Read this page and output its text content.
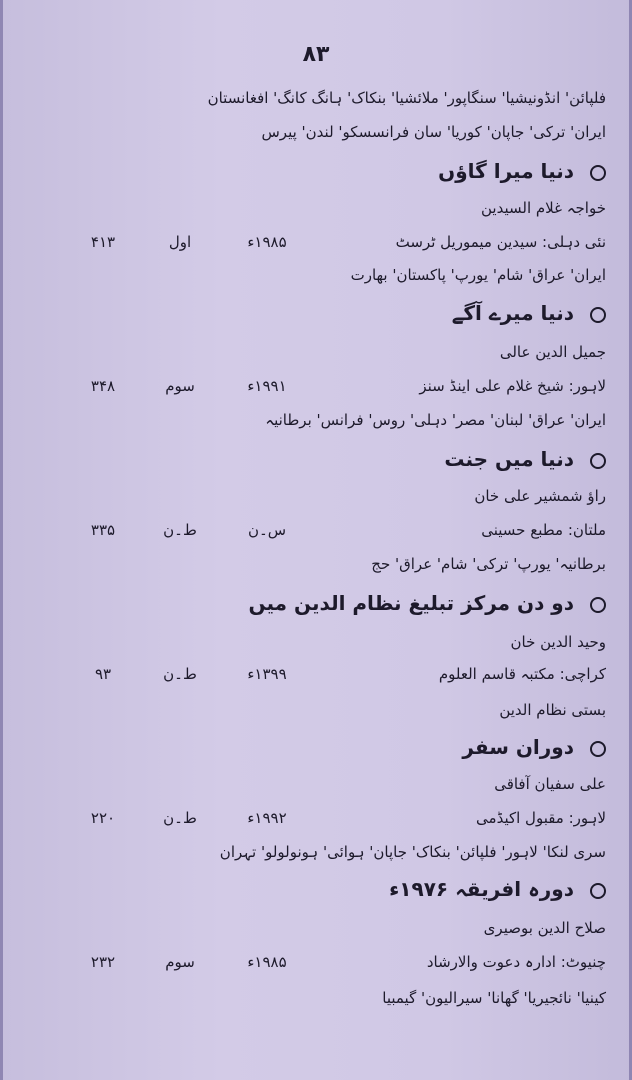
۸۳
فلپائن' انڈونیشیا' سنگاپور' ملائشیا' بنکاک' ہانگ کانگ' افغانستان
ایران' ترکی' جاپان' کوریا' سان فرانسسکو' لندن' پیرس
دنیا میرا گاؤں
خواجہ غلام السیدین
نئی دہلی: سیدین میموریل ٹرسٹ
۱۹۸۵ء
اول
۴۱۳
ایران' عراق' شام' یورپ' پاکستان' بھارت
دنیا میرے آگے
جمیل الدین عالی
لاہور: شیخ غلام علی اینڈ سنز
۱۹۹۱ء
سوم
۳۴۸
ایران' عراق' لبنان' مصر' دہلی' روس' فرانس' برطانیہ
دنیا میں جنت
راؤ شمشیر علی خان
ملتان: مطبع حسینی
س۔ن
ط۔ن
۳۳۵
برطانیہ' یورپ' ترکی' شام' عراق' حج
دو دن مرکز تبلیغ نظام الدین میں
وحید الدین خان
کراچی: مکتبہ قاسم العلوم
۱۳۹۹ء
ط۔ن
۹۳
بستی نظام الدین
دوران سفر
علی سفیان آفاقی
لاہور: مقبول اکیڈمی
۱۹۹۲ء
ط۔ن
۲۲۰
سری لنکا' لاہور' فلپائن' بنکاک' جاپان' ہوائی' ہونولولو' تہران
دورہ افریقہ ۱۹۷۶ء
صلاح الدین بوصیری
چنیوٹ: ادارہ دعوت والارشاد
۱۹۸۵ء
سوم
۲۳۲
کینیا' نائجیریا' گھانا' سیرالیون' گیمبیا
